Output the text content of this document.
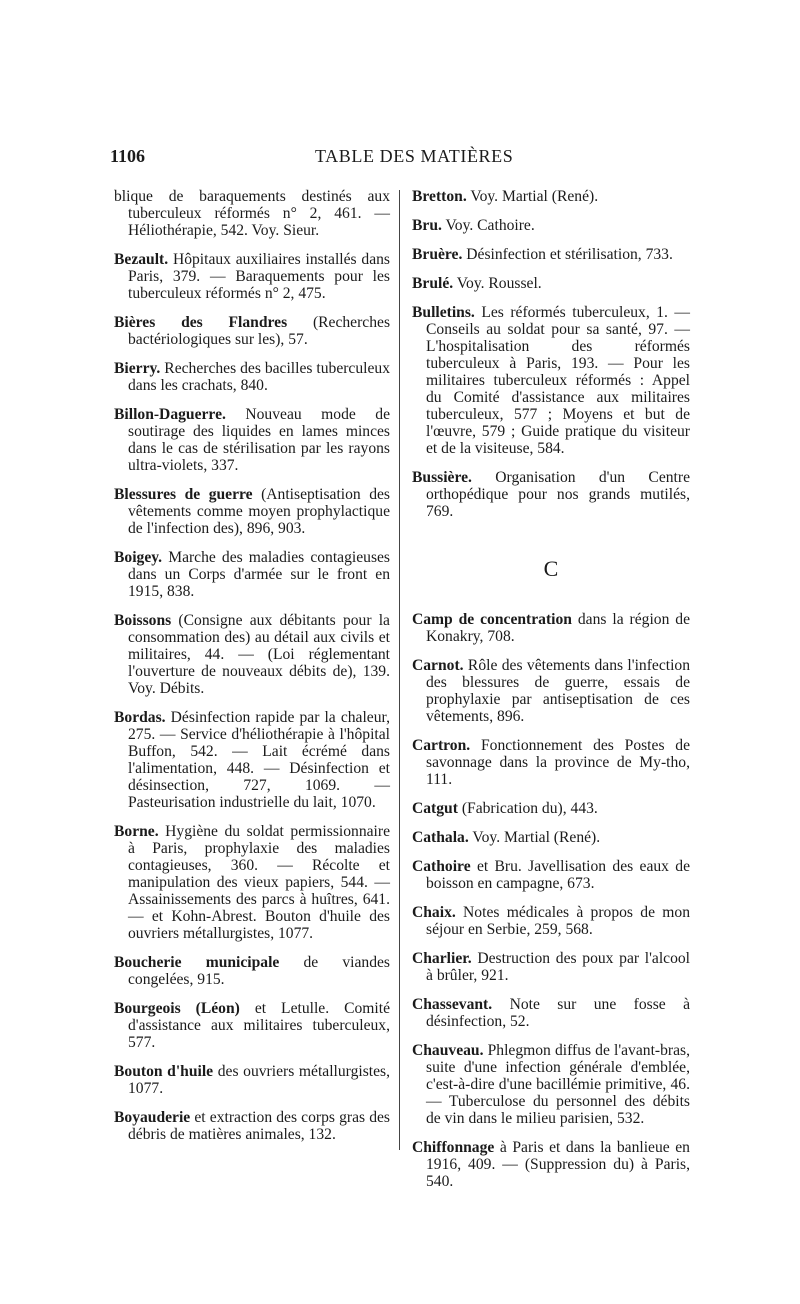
1106	TABLE DES MATIÈRES

blique de baraquements destinés aux tuberculeux réformés n° 2, 461. — Héliothérapie, 542. Voy. Sieur.

Bezault. Hôpitaux auxiliaires installés dans Paris, 379. — Baraquements pour les tuberculeux réformés n° 2, 475.

Bières des Flandres (Recherches bactériologiques sur les), 57.

Bierry. Recherches des bacilles tuberculeux dans les crachats, 840.

Billon-Daguerre. Nouveau mode de soutirage des liquides en lames minces dans le cas de stérilisation par les rayons ultra-violets, 337.

Blessures de guerre (Antiseptisation des vêtements comme moyen prophylactique de l'infection des), 896, 903.

Boigey. Marche des maladies contagieuses dans un Corps d'armée sur le front en 1915, 838.

Boissons (Consigne aux débitants pour la consommation des) au détail aux civils et militaires, 44. — (Loi réglementant l'ouverture de nouveaux débits de), 139. Voy. Débits.

Bordas. Désinfection rapide par la chaleur, 275. — Service d'héliothérapie à l'hôpital Buffon, 542. — Lait écrémé dans l'alimentation, 448. — Désinfection et désinsection, 727, 1069. — Pasteurisation industrielle du lait, 1070.

Borne. Hygiène du soldat permissionnaire à Paris, prophylaxie des maladies contagieuses, 360. — Récolte et manipulation des vieux papiers, 544. — Assainissements des parcs à huîtres, 641. — et Kohn-Abrest. Bouton d'huile des ouvriers métallurgistes, 1077.

Boucherie municipale de viandes congelées, 915.

Bourgeois (Léon) et Letulle. Comité d'assistance aux militaires tuberculeux, 577.

Bouton d'huile des ouvriers métallurgistes, 1077.

Boyauderie et extraction des corps gras des débris de matières animales, 132.

Bretton. Voy. Martial (René).

Bru. Voy. Cathoire.

Bruère. Désinfection et stérilisation, 733.

Brulé. Voy. Roussel.

Bulletins. Les réformés tuberculeux, 1. — Conseils au soldat pour sa santé, 97. — L'hospitalisation des réformés tuberculeux à Paris, 193. — Pour les militaires tuberculeux réformés : Appel du Comité d'assistance aux militaires tuberculeux, 577 ; Moyens et but de l'œuvre, 579 ; Guide pratique du visiteur et de la visiteuse, 584.

Bussière. Organisation d'un Centre orthopédique pour nos grands mutilés, 769.

C

Camp de concentration dans la région de Konakry, 708.

Carnot. Rôle des vêtements dans l'infection des blessures de guerre, essais de prophylaxie par antiseptisation de ces vêtements, 896.

Cartron. Fonctionnement des Postes de savonnage dans la province de My-tho, 111.

Catgut (Fabrication du), 443.

Cathala. Voy. Martial (René).

Cathoire et Bru. Javellisation des eaux de boisson en campagne, 673.

Chaix. Notes médicales à propos de mon séjour en Serbie, 259, 568.

Charlier. Destruction des poux par l'alcool à brûler, 921.

Chassevant. Note sur une fosse à désinfection, 52.

Chauveau. Phlegmon diffus de l'avant-bras, suite d'une infection générale d'emblée, c'est-à-dire d'une bacillémie primitive, 46. — Tuberculose du personnel des débits de vin dans le milieu parisien, 532.

Chiffonnage à Paris et dans la banlieue en 1916, 409. — (Suppression du) à Paris, 540.
